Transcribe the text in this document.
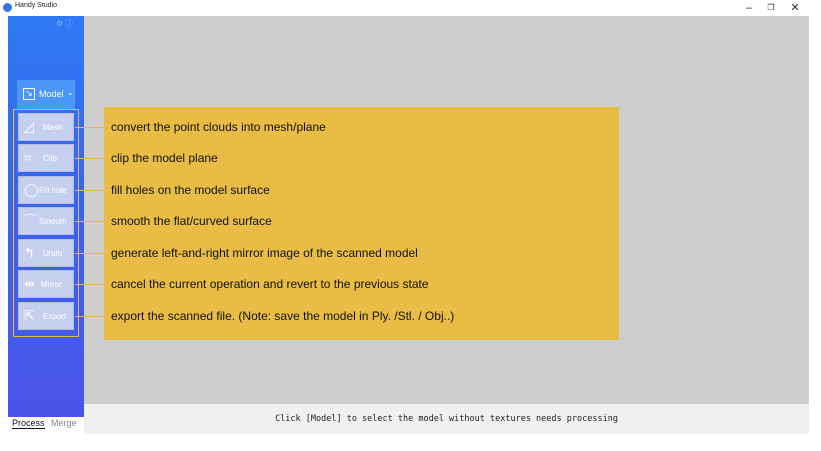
Handy Studio	–	❐	✕
⚙ ⓘ
↘ Model ⌄
◿ Mesh
⌗ Clip
◯ Fill hole
⌒ Smooth
↰ Undo
⇹ Mirror
⇱ Export
Process Merge	Click [Model] to select the model without textures needs processing
convert the point clouds into mesh/plane
clip the model plane
fill holes on the model surface
smooth the flat/curved surface
generate left-and-right mirror image of the scanned model
cancel the current operation and revert to the previous state
export the scanned file. (Note: save the model in Ply. /Stl. / Obj..)
